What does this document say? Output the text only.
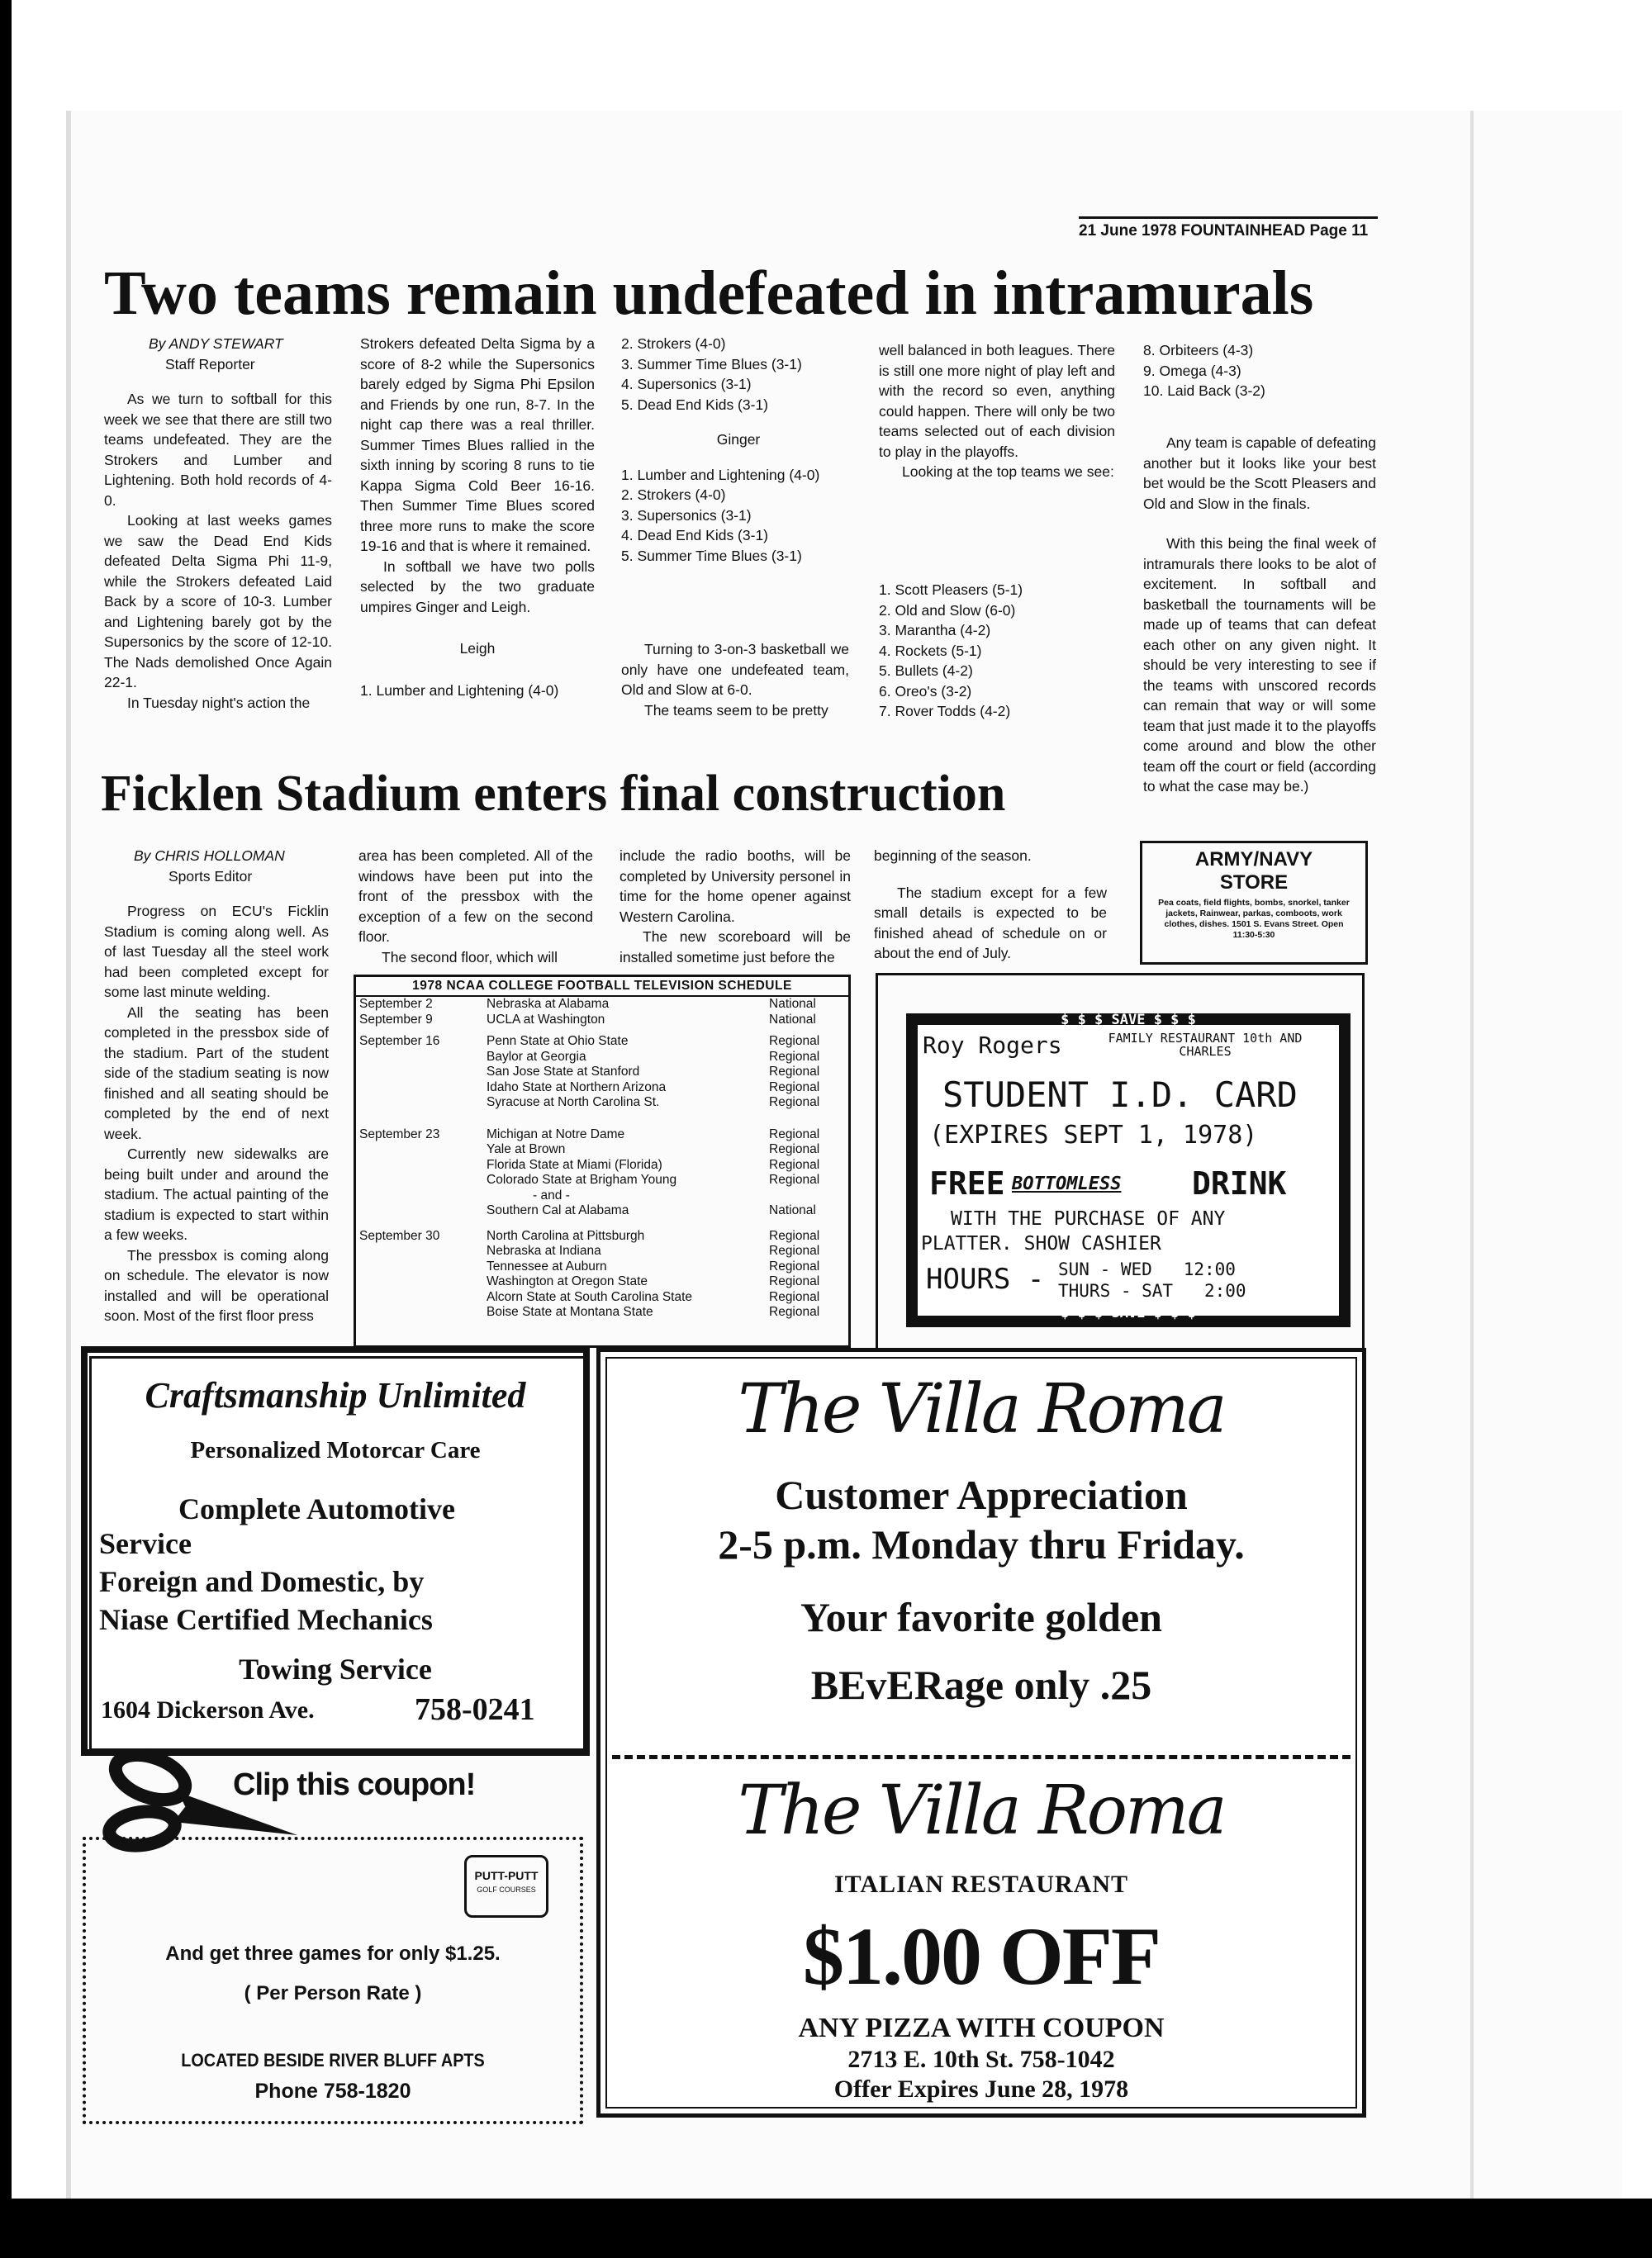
21 June 1978 FOUNTAINHEAD Page 11
Two teams remain undefeated in intramurals

By ANDY STEWART

Staff Reporter

As we turn to softball for this week we see that there are still two teams undefeated. They are the Strokers and Lumber and Lightening. Both hold records of 4-0.

Looking at last weeks games we saw the Dead End Kids defeated Delta Sigma Phi 11-9, while the Strokers defeated Laid Back by a score of 10-3. Lumber and Lightening barely got by the Supersonics by the score of 12-10. The Nads demolished Once Again 22-1.

In Tuesday night's action the

Strokers defeated Delta Sigma by a score of 8-2 while the Supersonics barely edged by Sigma Phi Epsilon and Friends by one run, 8-7. In the night cap there was a real thriller. Summer Times Blues rallied in the sixth inning by scoring 8 runs to tie Kappa Sigma Cold Beer 16-16. Then Summer Time Blues scored three more runs to make the score 19-16 and that is where it remained.

In softball we have two polls selected by the two graduate umpires Ginger and Leigh.

Leigh

1. Lumber and Lightening (4-0)

2. Strokers (4-0)
3. Summer Time Blues (3-1)
4. Supersonics (3-1)
5. Dead End Kids (3-1)
Ginger
1. Lumber and Lightening (4-0)
2. Strokers (4-0)
3. Supersonics (3-1)
4. Dead End Kids (3-1)
5. Summer Time Blues (3-1)

Turning to 3-on-3 basketball we only have one undefeated team, Old and Slow at 6-0.

The teams seem to be pretty

well balanced in both leagues. There is still one more night of play left and with the record so even, anything could happen. There will only be two teams selected out of each division to play in the playoffs.

Looking at the top teams we see:

1. Scott Pleasers (5-1)
2. Old and Slow (6-0)
3. Marantha (4-2)
4. Rockets (5-1)
5. Bullets (4-2)
6. Oreo's (3-2)
7. Rover Todds (4-2)
8. Orbiteers (4-3)
9. Omega (4-3)
10. Laid Back (3-2)

Any team is capable of defeating another but it looks like your best bet would be the Scott Pleasers and Old and Slow in the finals.

With this being the final week of intramurals there looks to be alot of excitement. In softball and basketball the tournaments will be made up of teams that can defeat each other on any given night. It should be very interesting to see if the teams with unscored records can remain that way or will some team that just made it to the playoffs come around and blow the other team off the court or field (according to what the case may be.)

Ficklen Stadium enters final construction

By CHRIS HOLLOMAN

Sports Editor

Progress on ECU's Ficklin Stadium is coming along well. As of last Tuesday all the steel work had been completed except for some last minute welding.

All the seating has been completed in the pressbox side of the stadium. Part of the student side of the stadium seating is now finished and all seating should be completed by the end of next week.

Currently new sidewalks are being built under and around the stadium. The actual painting of the stadium is expected to start within a few weeks.

The pressbox is coming along on schedule. The elevator is now installed and will be operational soon. Most of the first floor press

area has been completed. All of the windows have been put into the front of the pressbox with the exception of a few on the second floor.

The second floor, which will

include the radio booths, will be completed by University personel in time for the home opener against Western Carolina.

The new scoreboard will be installed sometime just before the

beginning of the season.

The stadium except for a few small details is expected to be finished ahead of schedule on or about the end of July.

1978 NCAA COLLEGE FOOTBALL TELEVISION SCHEDULE
September 2	Nebraska at Alabama	National
September 9	UCLA at Washington	National

September 16	Penn State at Ohio State	Regional
	Baylor at Georgia	Regional
	San Jose State at Stanford	Regional
	Idaho State at Northern Arizona	Regional
	Syracuse at North Carolina St.	Regional

September 23	Michigan at Notre Dame	Regional
	Yale at Brown	Regional
	Florida State at Miami (Florida)	Regional
	Colorado State at Brigham Young	Regional
	- and -	
	Southern Cal at Alabama	National

September 30	North Carolina at Pittsburgh	Regional
	Nebraska at Indiana	Regional
	Tennessee at Auburn	Regional
	Washington at Oregon State	Regional
	Alcorn State at South Carolina State	Regional
	Boise State at Montana State	Regional
ARMY/NAVY
STORE
Pea coats, field flights, bombs, snorkel, tanker jackets, Rainwear, parkas, comboots, work clothes, dishes. 1501 S. Evans Street. Open 11:30-5:30
$ $ $ SAVE $ $ $
Roy Rogers	FAMILY RESTAURANT 10th AND CHARLES
STUDENT I.D. CARD
(EXPIRES SEPT 1, 1978)
FREE BOTTOMLESS DRINK
WITH THE PURCHASE OF ANY
PLATTER. SHOW CASHIER
HOURS - SUN - WED   12:00
THURS - SAT   2:00
$ $ $ SAVE $ $ $
Craftsmanship Unlimited
Personalized Motorcar Care
Complete Automotive
Service
Foreign and Domestic, by
Niase Certified Mechanics
Towing Service
1604 Dickerson Ave.	758-0241
Clip this coupon!
PUTT-PUTT
GOLF COURSES
And get three games for only $1.25.
( Per Person Rate )
LOCATED BESIDE RIVER BLUFF APTS
Phone 758-1820
The Villa Roma
Customer Appreciation
2-5 p.m. Monday thru Friday.
Your favorite golden
BEvERage only .25
The Villa Roma
ITALIAN RESTAURANT
$1.00 OFF
ANY PIZZA WITH COUPON
2713 E. 10th St. 758-1042
Offer Expires June 28, 1978
